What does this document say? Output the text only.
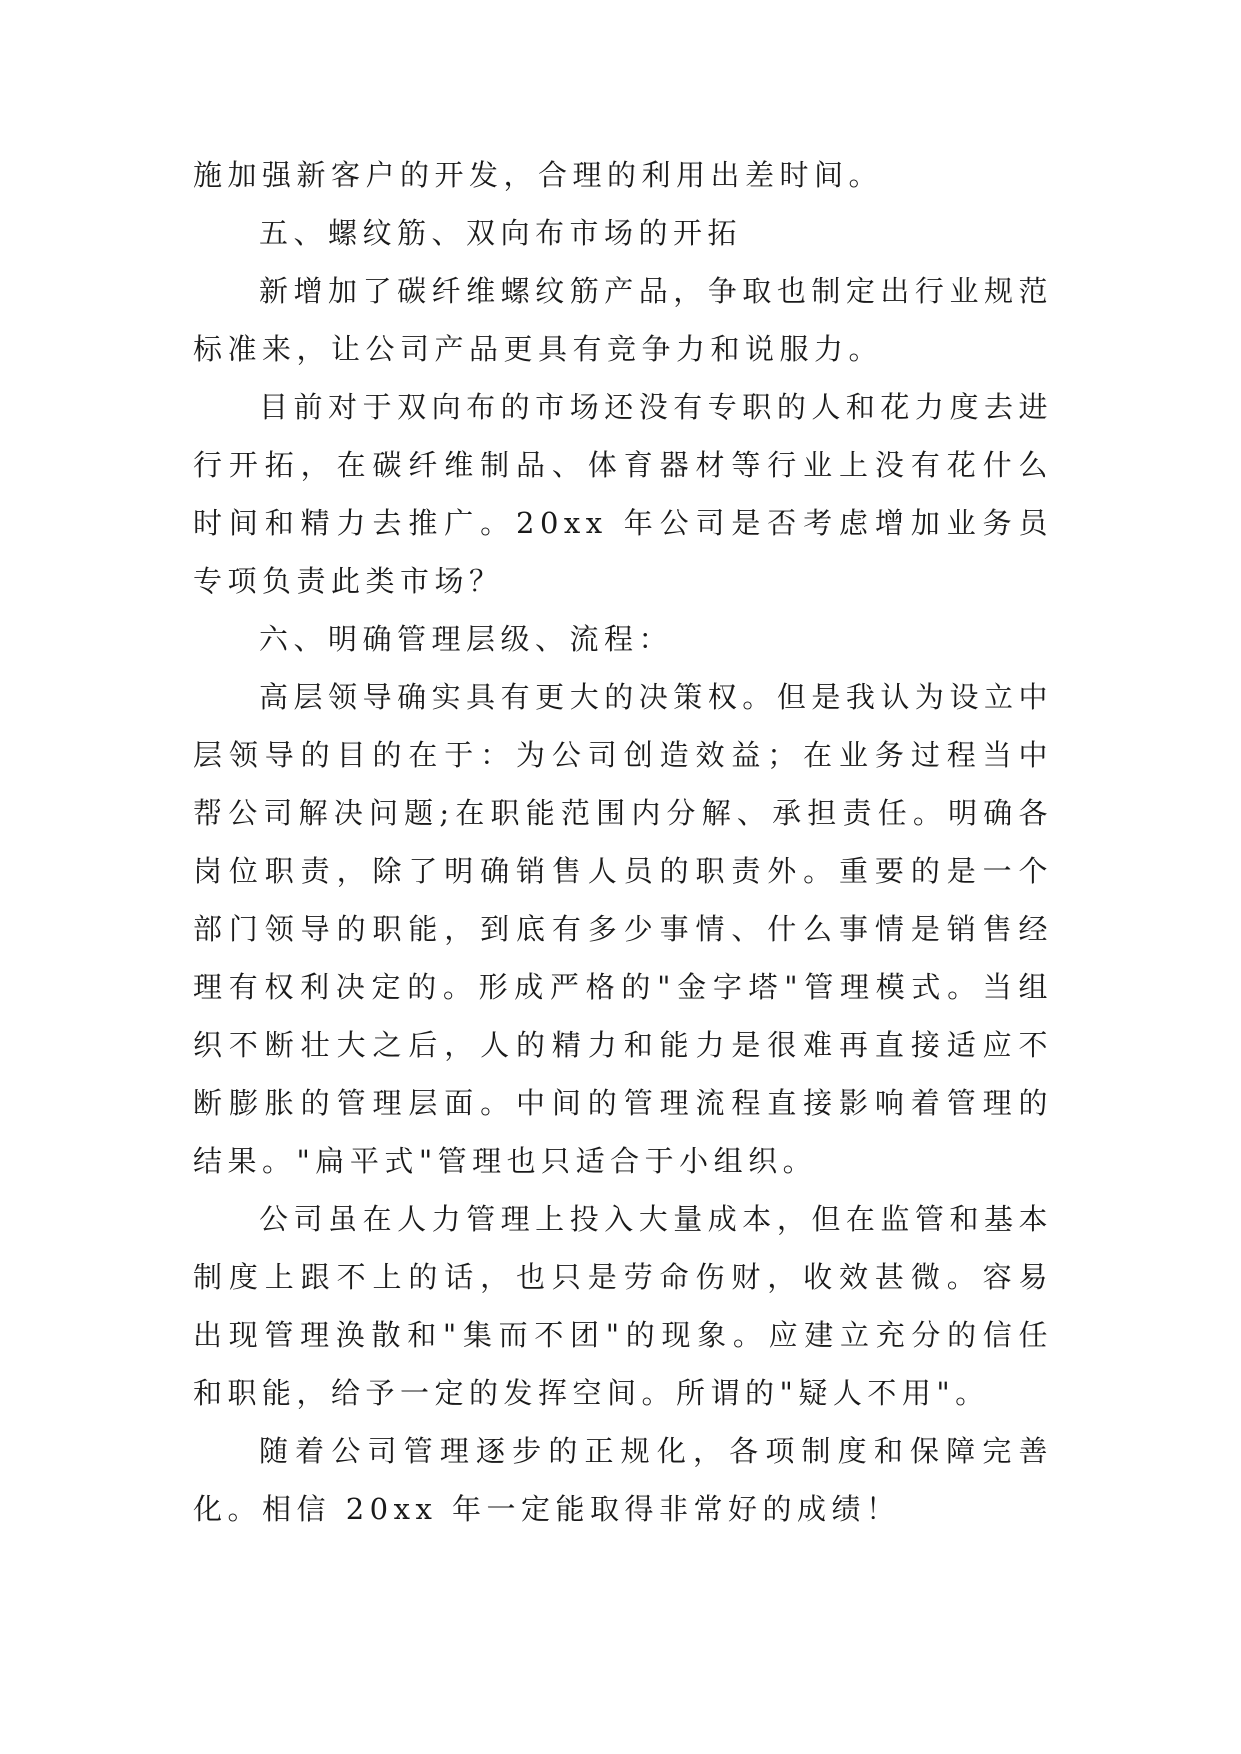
施加强新客户的开发，合理的利用出差时间。

五、螺纹筋、双向布市场的开拓

新增加了碳纤维螺纹筋产品，争取也制定出行业规范标准来，让公司产品更具有竞争力和说服力。

目前对于双向布的市场还没有专职的人和花力度去进行开拓，在碳纤维制品、体育器材等行业上没有花什么时间和精力去推广。20xx 年公司是否考虑增加业务员专项负责此类市场？

六、明确管理层级、流程：

高层领导确实具有更大的决策权。但是我认为设立中层领导的目的在于：为公司创造效益；在业务过程当中帮公司解决问题;在职能范围内分解、承担责任。明确各岗位职责，除了明确销售人员的职责外。重要的是一个部门领导的职能，到底有多少事情、什么事情是销售经理有权利决定的。形成严格的"金字塔"管理模式。当组织不断壮大之后，人的精力和能力是很难再直接适应不断膨胀的管理层面。中间的管理流程直接影响着管理的结果。"扁平式"管理也只适合于小组织。

公司虽在人力管理上投入大量成本，但在监管和基本制度上跟不上的话，也只是劳命伤财，收效甚微。容易出现管理涣散和"集而不团"的现象。应建立充分的信任和职能，给予一定的发挥空间。所谓的"疑人不用"。

随着公司管理逐步的正规化，各项制度和保障完善化。相信 20xx 年一定能取得非常好的成绩！
